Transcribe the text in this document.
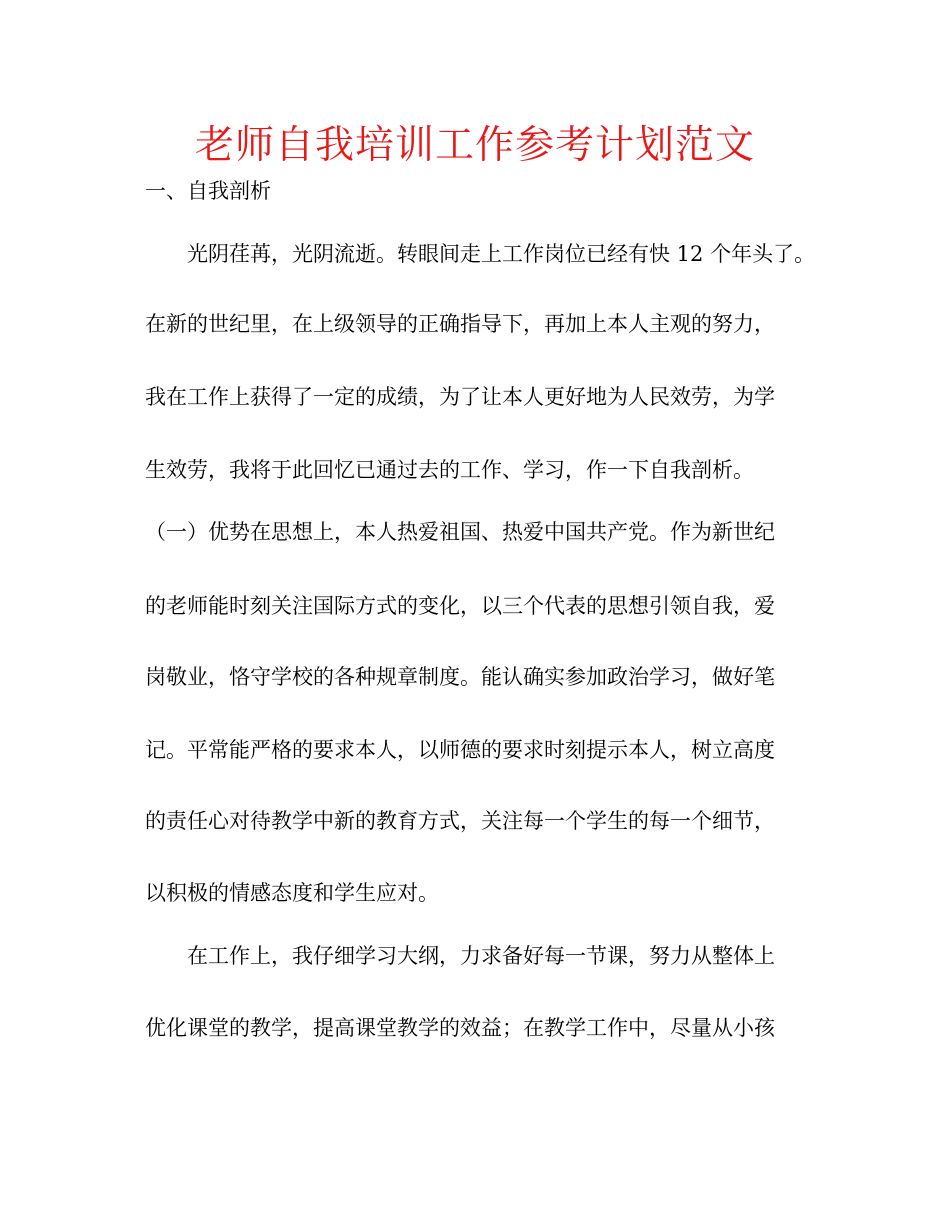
老师自我培训工作参考计划范文
一、自我剖析
光阴荏苒，光阴流逝。转眼间走上工作岗位已经有快 12 个年头了。
在新的世纪里，在上级领导的正确指导下，再加上本人主观的努力，
我在工作上获得了一定的成绩，为了让本人更好地为人民效劳，为学
生效劳，我将于此回忆已通过去的工作、学习，作一下自我剖析。
（一）优势在思想上，本人热爱祖国、热爱中国共产党。作为新世纪
的老师能时刻关注国际方式的变化，以三个代表的思想引领自我，爱
岗敬业，恪守学校的各种规章制度。能认确实参加政治学习，做好笔
记。平常能严格的要求本人，以师德的要求时刻提示本人，树立高度
的责任心对待教学中新的教育方式，关注每一个学生的每一个细节，
以积极的情感态度和学生应对。
在工作上，我仔细学习大纲，力求备好每一节课，努力从整体上
优化课堂的教学，提高课堂教学的效益；在教学工作中，尽量从小孩
